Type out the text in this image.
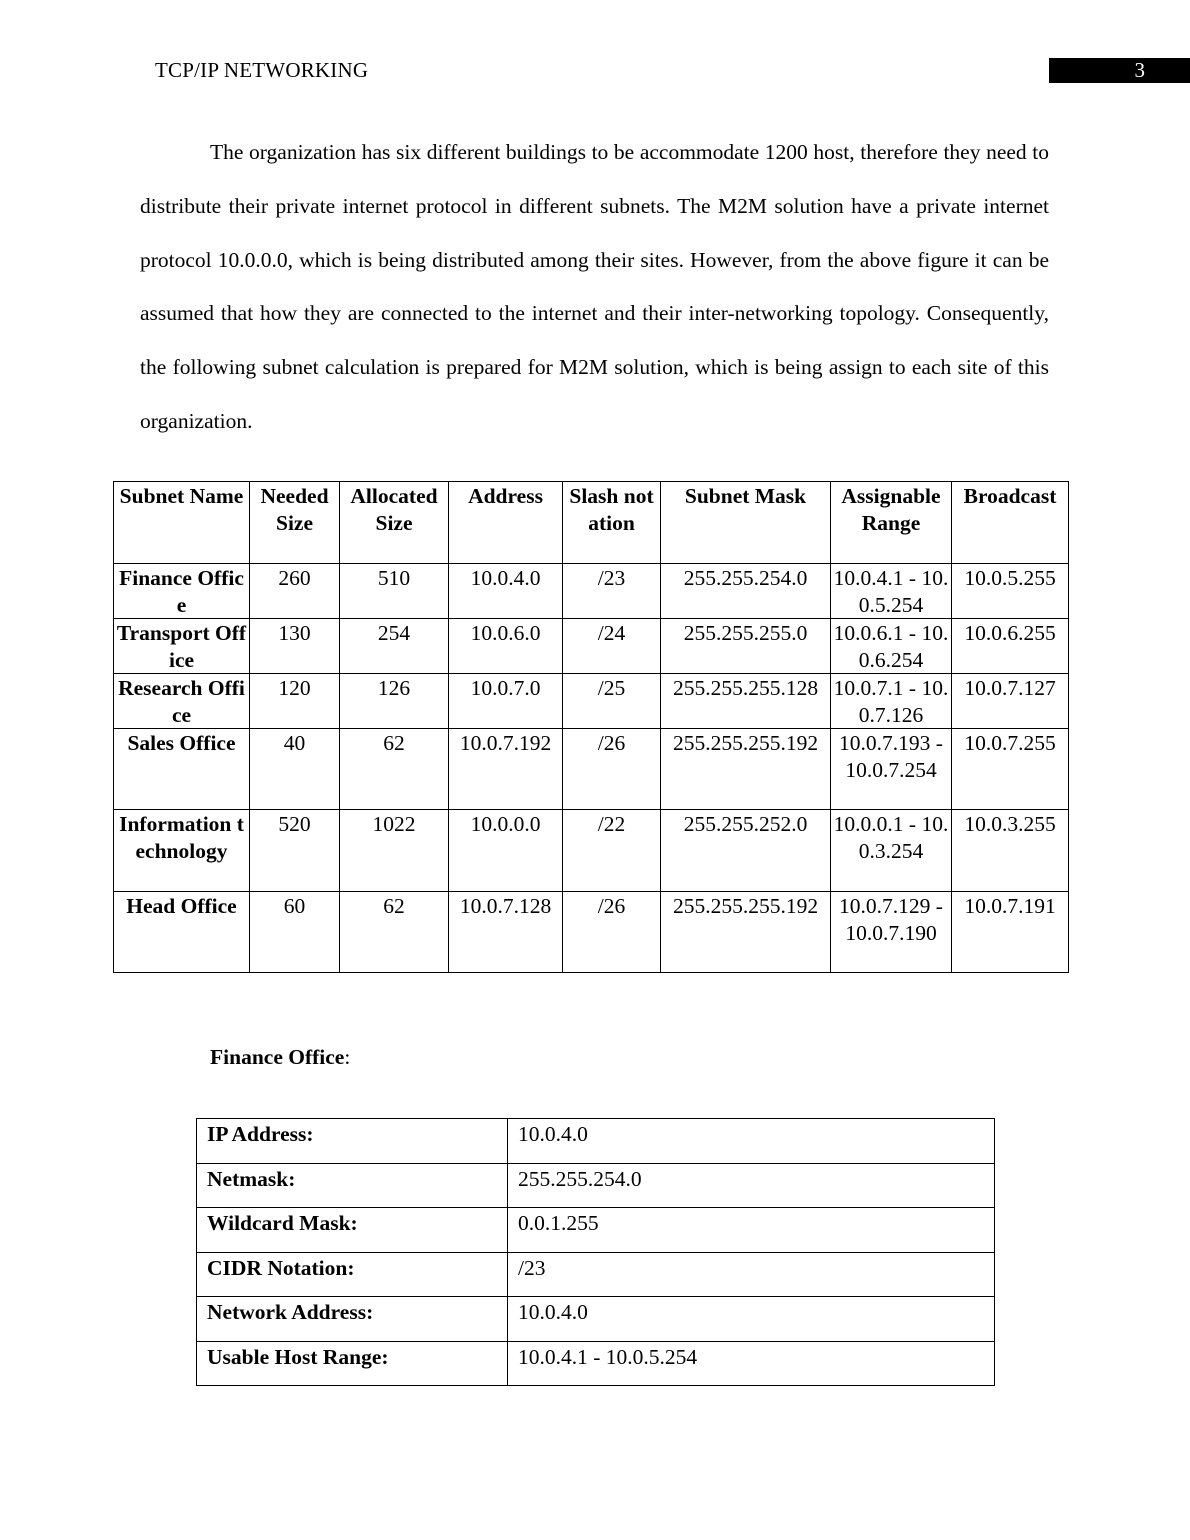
TCP/IP NETWORKING	3

The organization has six different buildings to be accommodate 1200 host, therefore they need to distribute their private internet protocol in different subnets. The M2M solution have a private internet protocol 10.0.0.0, which is being distributed among their sites. However, from the above figure it can be assumed that how they are connected to the internet and their inter-networking topology. Consequently, the following subnet calculation is prepared for M2M solution, which is being assign to each site of this organization.

Subnet Name	Needed Size	Allocated Size	Address	Slash notation	Subnet Mask	Assignable Range	Broadcast
Finance Office	260	510	10.0.4.0	/23	255.255.254.0	10.0.4.1 - 10.0.5.254	10.0.5.255
Transport Office	130	254	10.0.6.0	/24	255.255.255.0	10.0.6.1 - 10.0.6.254	10.0.6.255
Research Office	120	126	10.0.7.0	/25	255.255.255.128	10.0.7.1 - 10.0.7.126	10.0.7.127
Sales Office	40	62	10.0.7.192	/26	255.255.255.192	10.0.7.193 - 10.0.7.254	10.0.7.255
Information technology	520	1022	10.0.0.0	/22	255.255.252.0	10.0.0.1 - 10.0.3.254	10.0.3.255
Head Office	60	62	10.0.7.128	/26	255.255.255.192	10.0.7.129 - 10.0.7.190	10.0.7.191
Finance Office:
IP Address:	10.0.4.0
Netmask:	255.255.254.0
Wildcard Mask:	0.0.1.255
CIDR Notation:	/23
Network Address:	10.0.4.0
Usable Host Range:	10.0.4.1 - 10.0.5.254
